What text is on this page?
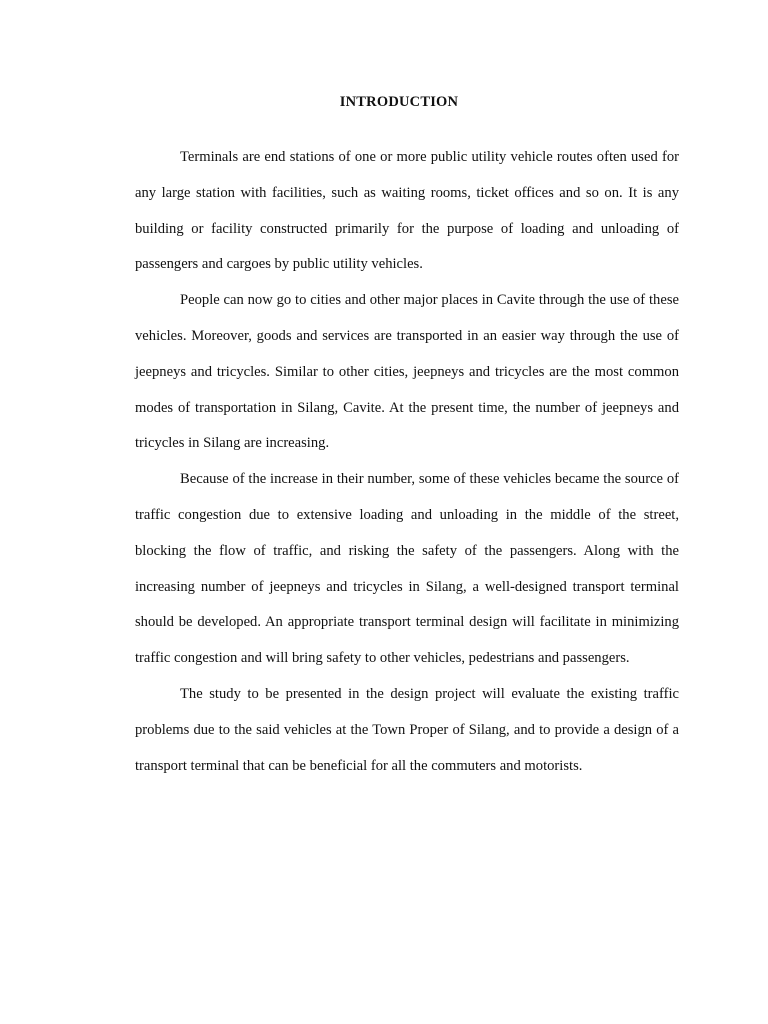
INTRODUCTION

Terminals are end stations of one or more public utility vehicle routes often used for any large station with facilities, such as waiting rooms, ticket offices and so on. It is any building or facility constructed primarily for the purpose of loading and unloading of passengers and cargoes by public utility vehicles.

People can now go to cities and other major places in Cavite through the use of these vehicles. Moreover, goods and services are transported in an easier way through the use of jeepneys and tricycles. Similar to other cities, jeepneys and tricycles are the most common modes of transportation in Silang, Cavite. At the present time, the number of jeepneys and tricycles in Silang are increasing.

Because of the increase in their number, some of these vehicles became the source of traffic congestion due to extensive loading and unloading in the middle of the street, blocking the flow of traffic, and risking the safety of the passengers. Along with the increasing number of jeepneys and tricycles in Silang, a well-designed transport terminal should be developed. An appropriate transport terminal design will facilitate in minimizing traffic congestion and will bring safety to other vehicles, pedestrians and passengers.

The study to be presented in the design project will evaluate the existing traffic problems due to the said vehicles at the Town Proper of Silang, and to provide a design of a transport terminal that can be beneficial for all the commuters and motorists.
